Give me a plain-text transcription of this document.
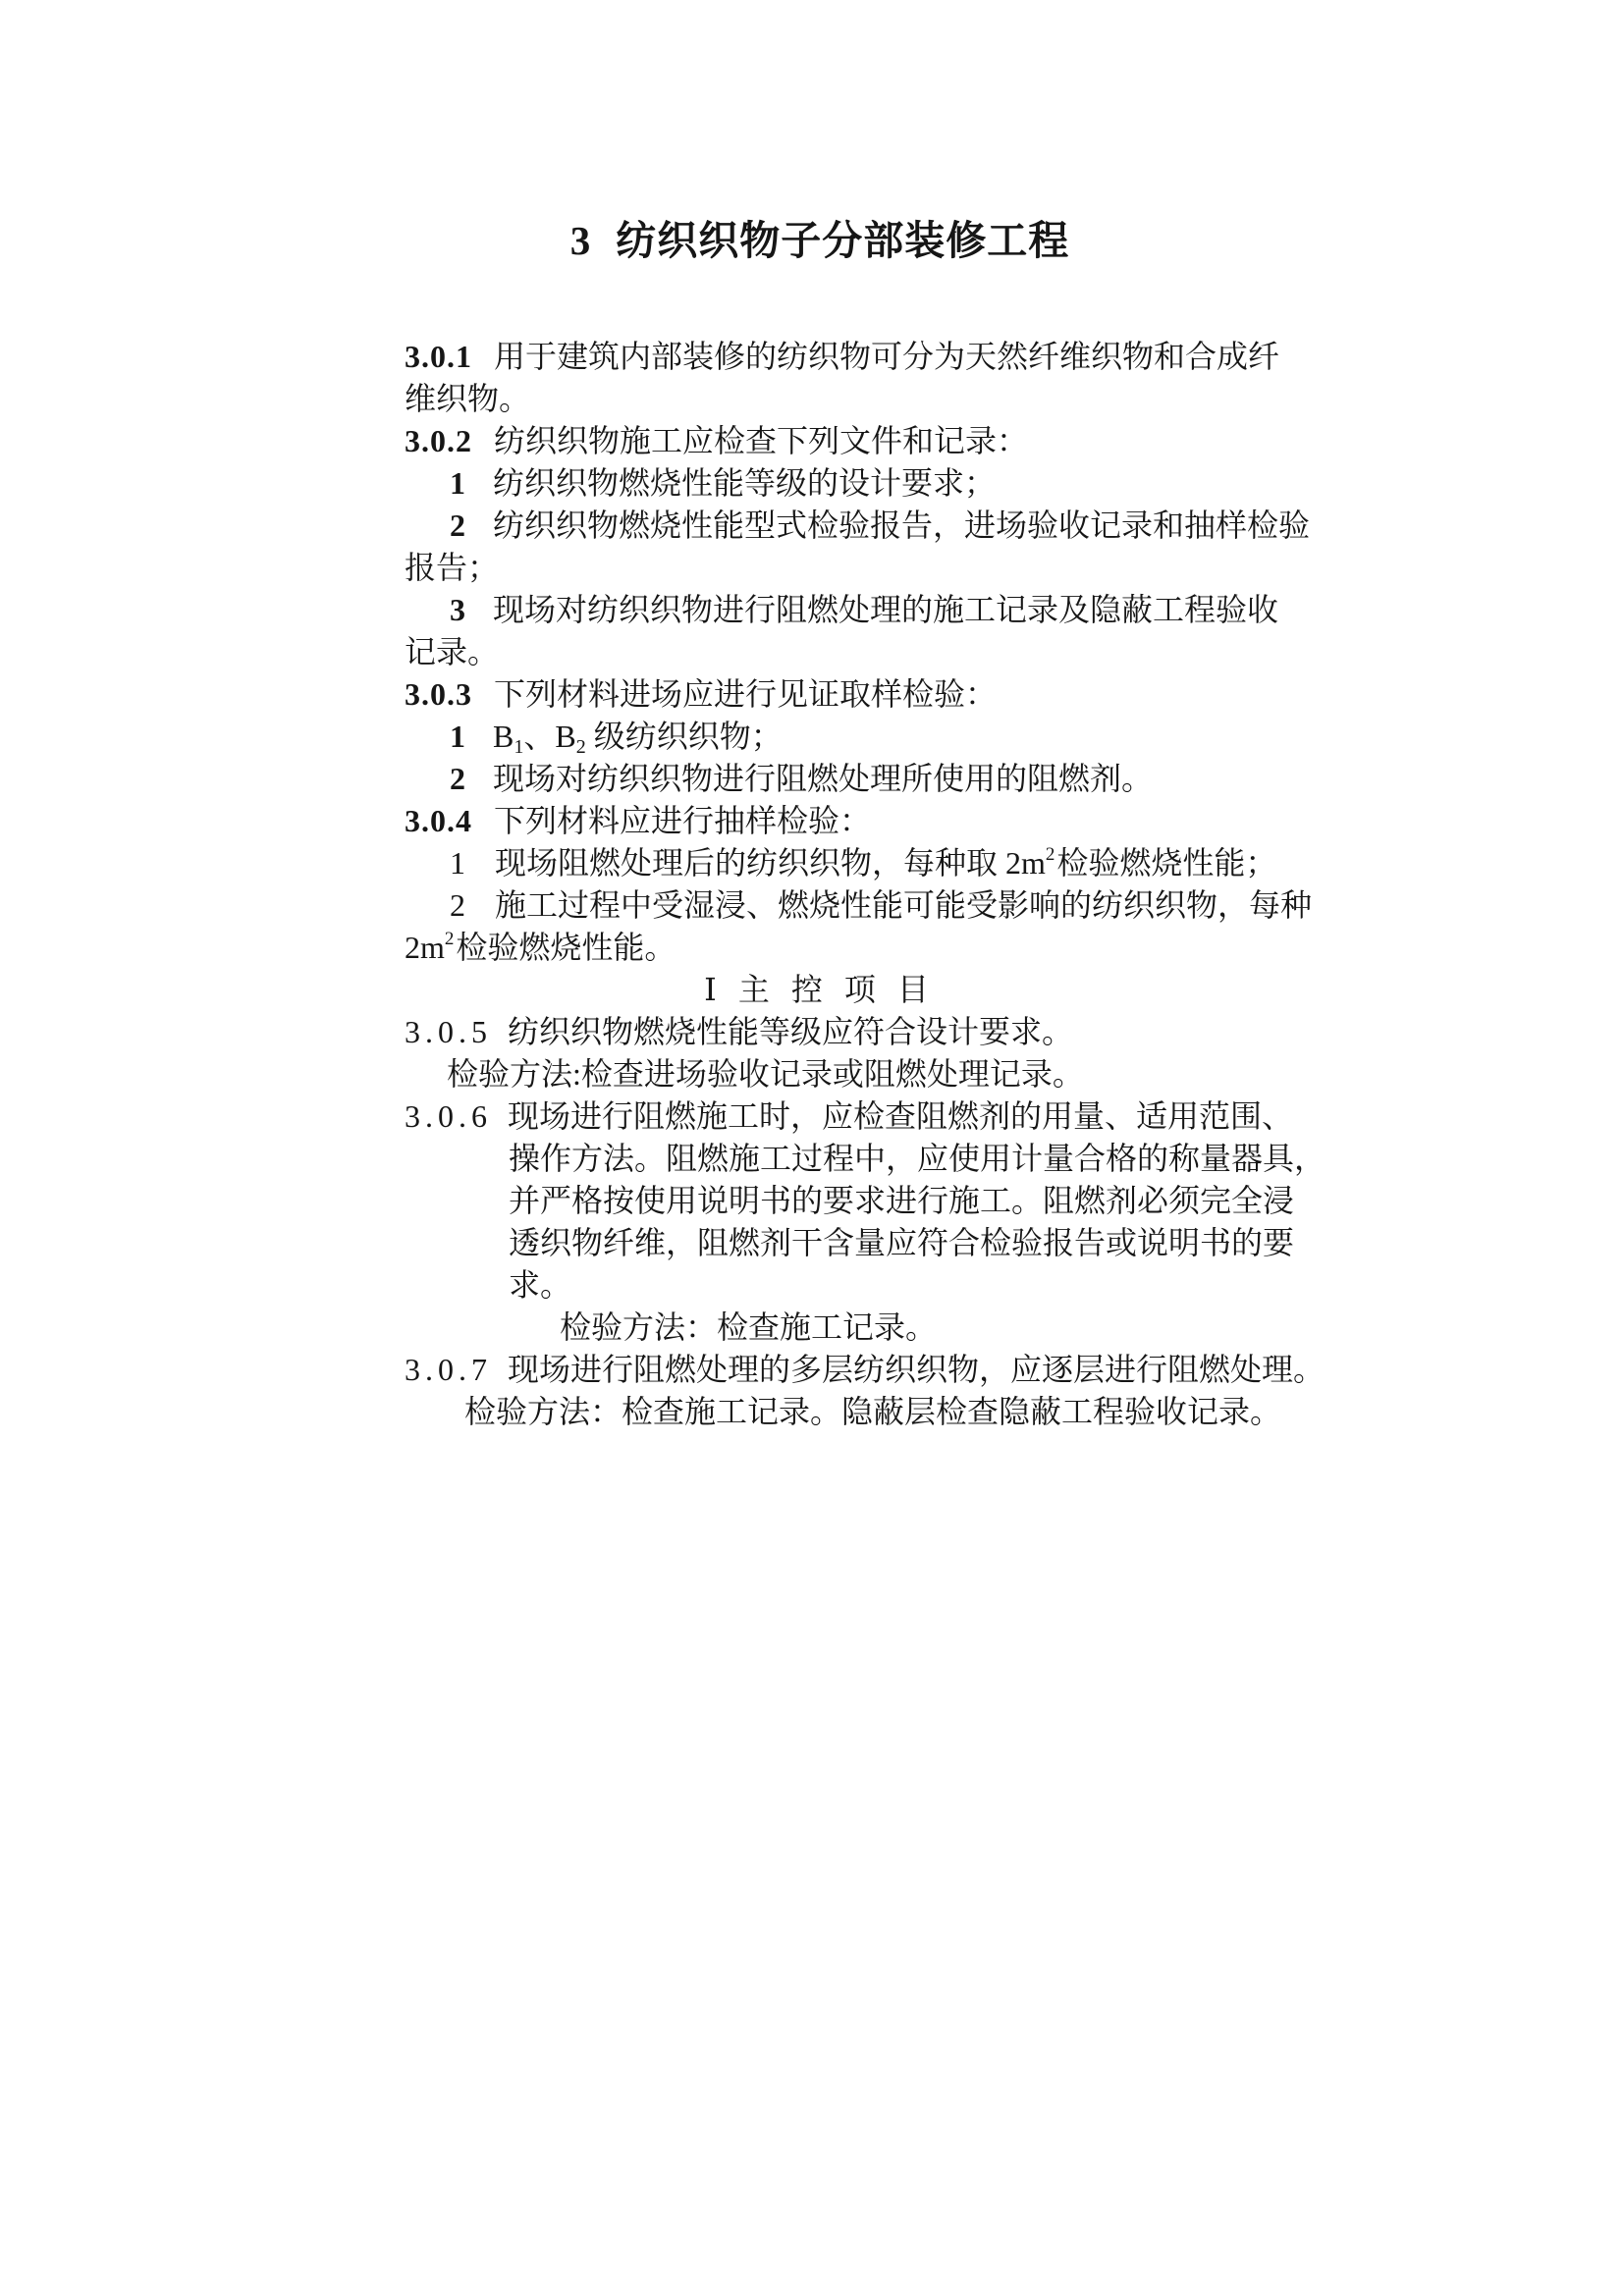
3 纺织织物子分部装修工程
3.0.1 用于建筑内部装修的纺织物可分为天然纤维织物和合成纤
维织物。
3.0.2 纺织织物施工应检查下列文件和记录：
1 纺织织物燃烧性能等级的设计要求；
2 纺织织物燃烧性能型式检验报告，进场验收记录和抽样检验
报告；
3 现场对纺织织物进行阻燃处理的施工记录及隐蔽工程验收
记录。
3.0.3 下列材料进场应进行见证取样检验：
1 $B_1$、$B_2$ 级纺织织物；
2 现场对纺织织物进行阻燃处理所使用的阻燃剂。
3.0.4 下列材料应进行抽样检验：
1 现场阻燃处理后的纺织织物，每种取 $2m^2$检验燃烧性能；
2 施工过程中受湿浸、燃烧性能可能受影响的纺织织物，每种
$2m^2$检验燃烧性能。
Ⅰ 主 控 项 目
3.0.5 纺织织物燃烧性能等级应符合设计要求。
检验方法:检查进场验收记录或阻燃处理记录。
3.0.6 现场进行阻燃施工时，应检查阻燃剂的用量、适用范围、
操作方法。阻燃施工过程中，应使用计量合格的称量器具，
并严格按使用说明书的要求进行施工。阻燃剂必须完全浸
透织物纤维，阻燃剂干含量应符合检验报告或说明书的要
求。
检验方法：检查施工记录。
3.0.7 现场进行阻燃处理的多层纺织织物，应逐层进行阻燃处理。
检验方法：检查施工记录。隐蔽层检查隐蔽工程验收记录。
